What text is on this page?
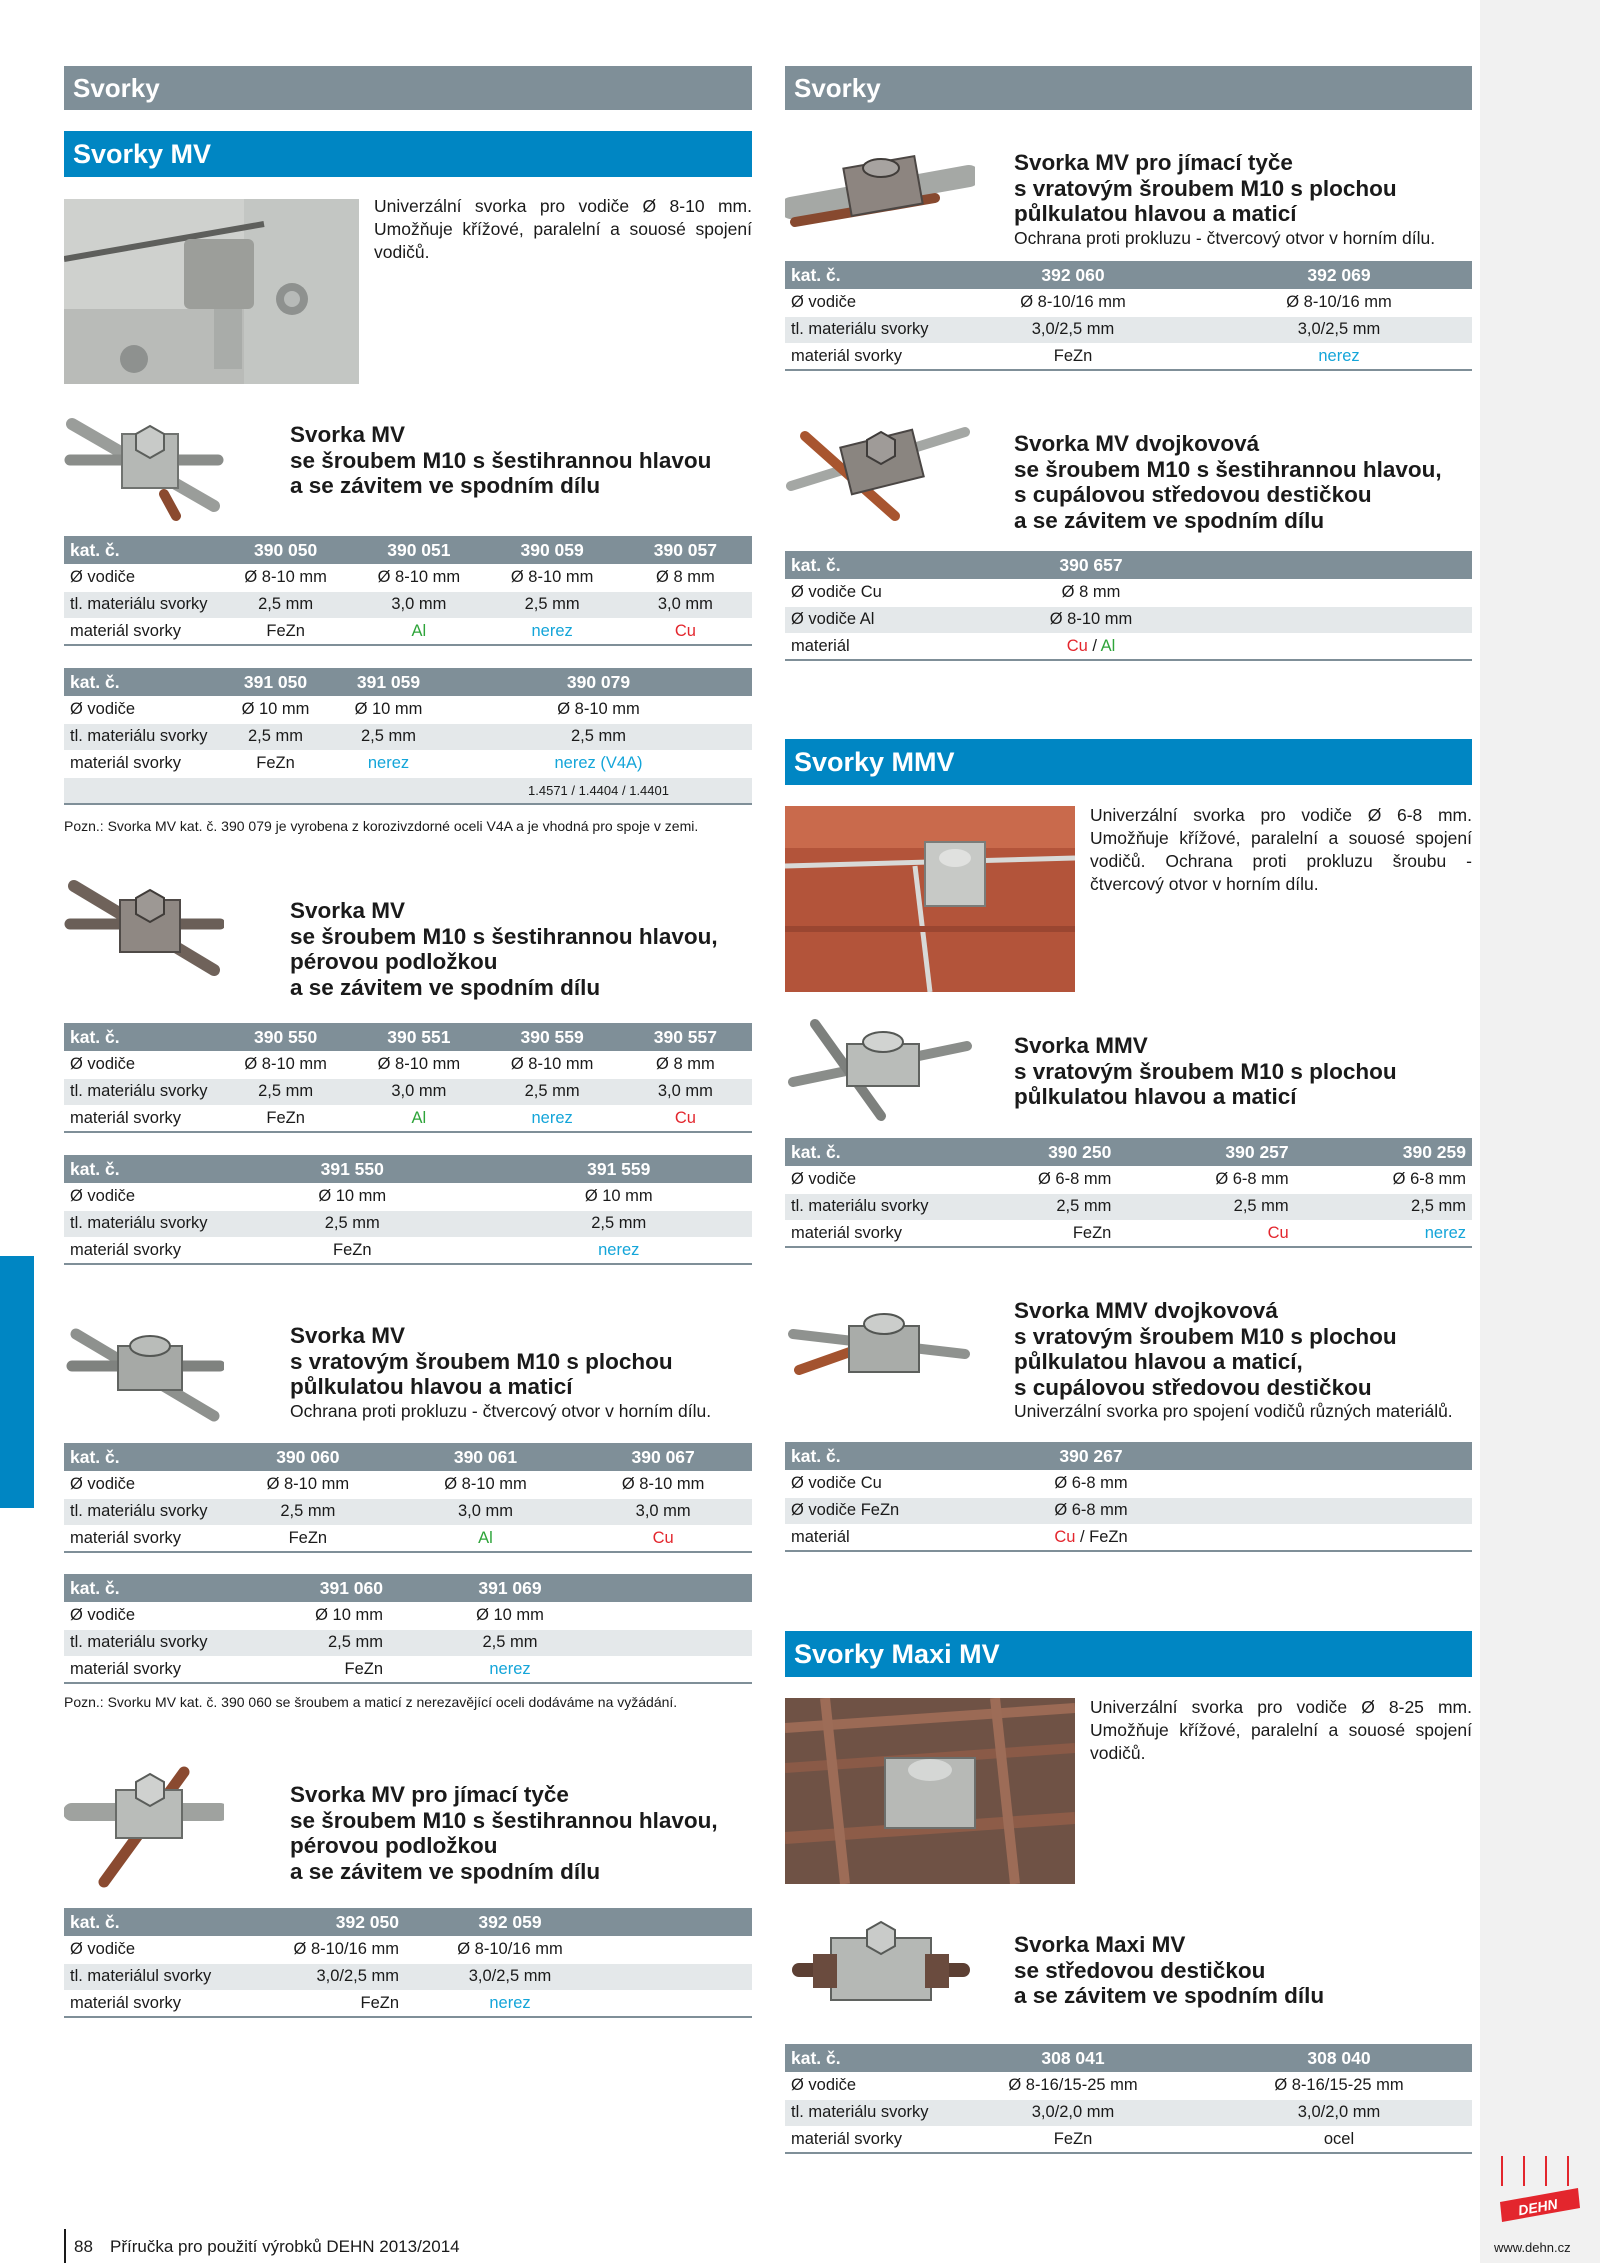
Svorky
Svorky MV
Univerzální svorka pro vodiče Ø 8-10 mm. Umožňuje křížové, paralelní a souosé spojení vodičů.
Svorka MV
se šroubem M10 s šestihrannou hlavou
a se závitem ve spodním dílu
kat. č.	390 050	390 051	390 059	390 057
Ø vodiče	Ø 8-10 mm	Ø 8-10 mm	Ø 8-10 mm	Ø 8 mm
tl. materiálu svorky	2,5 mm	3,0 mm	2,5 mm	3,0 mm
materiál svorky	FeZn	Al	nerez	Cu
kat. č.	391 050	391 059	390 079
Ø vodiče	Ø 10 mm	Ø 10 mm	Ø 8-10 mm
tl. materiálu svorky	2,5 mm	2,5 mm	2,5 mm
materiál svorky	FeZn	nerez	nerez (V4A)
			1.4571 / 1.4404 / 1.4401
Pozn.: Svorka MV kat. č. 390 079 je vyrobena z korozivzdorné oceli V4A a je vhodná pro spoje v zemi.
Svorka MV
se šroubem M10 s šestihrannou hlavou,
pérovou podložkou
a se závitem ve spodním dílu
kat. č.	390 550	390 551	390 559	390 557
Ø vodiče	Ø 8-10 mm	Ø 8-10 mm	Ø 8-10 mm	Ø 8 mm
tl. materiálu svorky	2,5 mm	3,0 mm	2,5 mm	3,0 mm
materiál svorky	FeZn	Al	nerez	Cu
kat. č.	391 550	391 559
Ø vodiče	Ø 10 mm	Ø 10 mm
tl. materiálu svorky	2,5 mm	2,5 mm
materiál svorky	FeZn	nerez
Svorka MV
s vratovým šroubem M10 s plochou
půlkulatou hlavou a maticí
Ochrana proti prokluzu - čtvercový otvor v horním dílu.
kat. č.	390 060	390 061	390 067
Ø vodiče	Ø 8-10 mm	Ø 8-10 mm	Ø 8-10 mm
tl. materiálu svorky	2,5 mm	3,0 mm	3,0 mm
materiál svorky	FeZn	Al	Cu
kat. č.	391 060	391 069	
Ø vodiče	Ø 10 mm	Ø 10 mm	
tl. materiálu svorky	2,5 mm	2,5 mm	
materiál svorky	FeZn	nerez	
Pozn.: Svorku MV kat. č. 390 060 se šroubem a maticí z nerezavějící oceli dodáváme na vyžádání.
Svorka MV pro jímací tyče
se šroubem M10 s šestihrannou hlavou,
pérovou podložkou
a se závitem ve spodním dílu
kat. č.	392 050	392 059	
Ø vodiče	Ø 8-10/16 mm	Ø 8-10/16 mm	
tl. materiálul svorky	3,0/2,5 mm	3,0/2,5 mm	
materiál svorky	FeZn	nerez	
Svorky
Svorka MV pro jímací tyče
s vratovým šroubem M10 s plochou
půlkulatou hlavou a maticí
Ochrana proti prokluzu - čtvercový otvor v horním dílu.
kat. č.	392 060	392 069
Ø vodiče	Ø 8-10/16 mm	Ø 8-10/16 mm
tl. materiálu svorky	3,0/2,5 mm	3,0/2,5 mm
materiál svorky	FeZn	nerez
Svorka MV dvojkovová
se šroubem M10 s šestihrannou hlavou,
s cupálovou středovou destičkou
a se závitem ve spodním dílu
kat. č.	390 657	
Ø vodiče Cu	Ø 8 mm	
Ø vodiče Al	Ø 8-10 mm	
materiál	Cu / Al	
Svorky MMV
Univerzální svorka pro vodiče Ø 6-8 mm. Umožňuje křížové, paralelní a souosé spojení vodičů. Ochrana proti prokluzu šroubu - čtvercový otvor v horním dílu.
Svorka MMV
s vratovým šroubem M10 s plochou
půlkulatou hlavou a maticí
kat. č.	390 250	390 257	390 259
Ø vodiče	Ø 6-8 mm	Ø 6-8 mm	Ø 6-8 mm
tl. materiálu svorky	2,5 mm	2,5 mm	2,5 mm
materiál svorky	FeZn	Cu	nerez
Svorka MMV dvojkovová
s vratovým šroubem M10 s plochou
půlkulatou hlavou a maticí,
s cupálovou středovou destičkou
Univerzální svorka pro spojení vodičů různých materiálů.
kat. č.	390 267	
Ø vodiče Cu	Ø 6-8 mm	
Ø vodiče FeZn	Ø 6-8 mm	
materiál	Cu / FeZn	
Svorky Maxi MV
Univerzální svorka pro vodiče Ø 8-25 mm. Umožňuje křížové, paralelní a souosé spojení vodičů.
Svorka Maxi MV
se středovou destičkou
a se závitem ve spodním dílu
kat. č.	308 041	308 040
Ø vodiče	Ø 8-16/15-25 mm	Ø 8-16/15-25 mm
tl. materiálu svorky	3,0/2,0 mm	3,0/2,0 mm
materiál svorky	FeZn	ocel
88 Příručka pro použití výrobků DEHN 2013/2014
DEHN
www.dehn.cz
